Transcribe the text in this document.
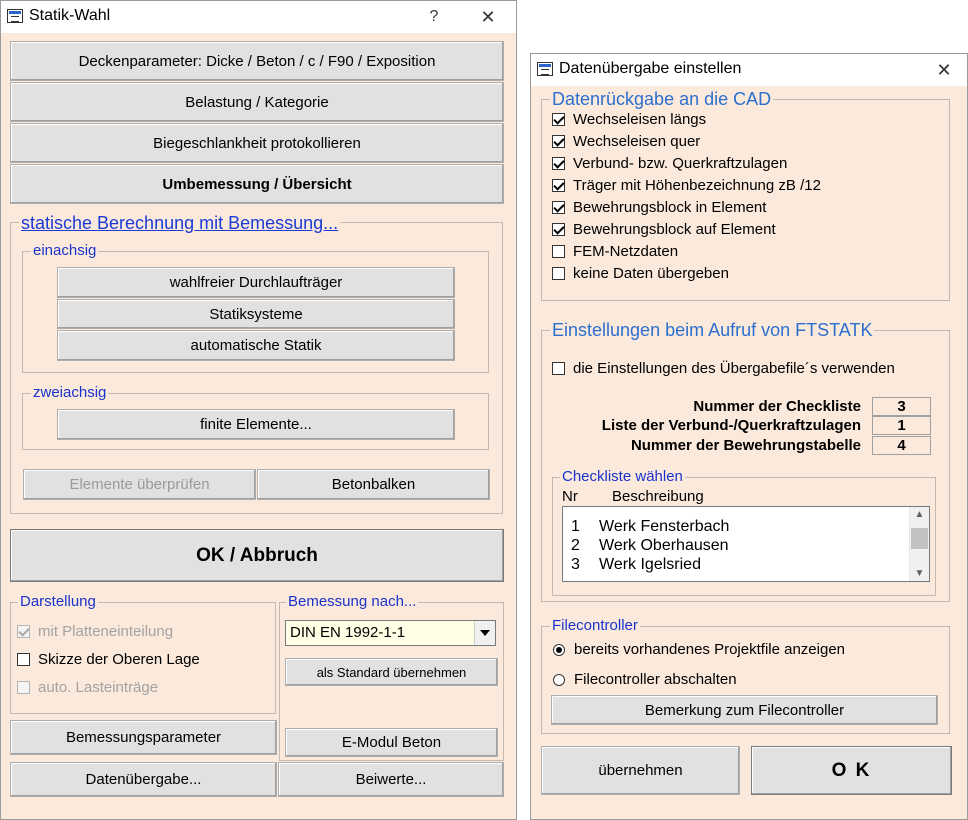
Statik-Wahl	?	✕
Deckenparameter: Dicke / Beton / c / F90 / Exposition
Belastung / Kategorie
Biegeschlankheit protokollieren
Umbemessung / Übersicht
statische Berechnung mit Bemessung...
einachsig
wahlfreier Durchlaufträger
Statiksysteme
automatische Statik
zweiachsig
finite Elemente...
Elemente überprüfen	Betonbalken
OK / Abbruch
Darstellung
mit Platteneinteilung
Skizze der Oberen Lage
auto. Lasteinträge
Bemessung nach...
DIN EN 1992-1-1
als Standard übernehmen
E-Modul Beton
Bemessungsparameter
Datenübergabe...	Beiwerte...
Datenübergabe einstellen	✕
Datenrückgabe an die CAD
Wechseleisen längs
Wechseleisen quer
Verbund- bzw. Querkraftzulagen
Träger mit Höhenbezeichnung zB /12
Bewehrungsblock in Element
Bewehrungsblock auf Element
FEM-Netzdaten
keine Daten übergeben
Einstellungen beim Aufruf von FTSTATK
die Einstellungen des Übergabefile´s verwenden
Nummer der Checkliste	3
Liste der Verbund-/Querkraftzulagen	1
Nummer der Bewehrungstabelle	4
Checkliste wählen
Nr Beschreibung
1 Werk Fensterbach
2 Werk Oberhausen
3 Werk Igelsried
▲
▼
Filecontroller
bereits vorhandenes Projektfile anzeigen
Filecontroller abschalten
Bemerkung zum Filecontroller
übernehmen	O K
